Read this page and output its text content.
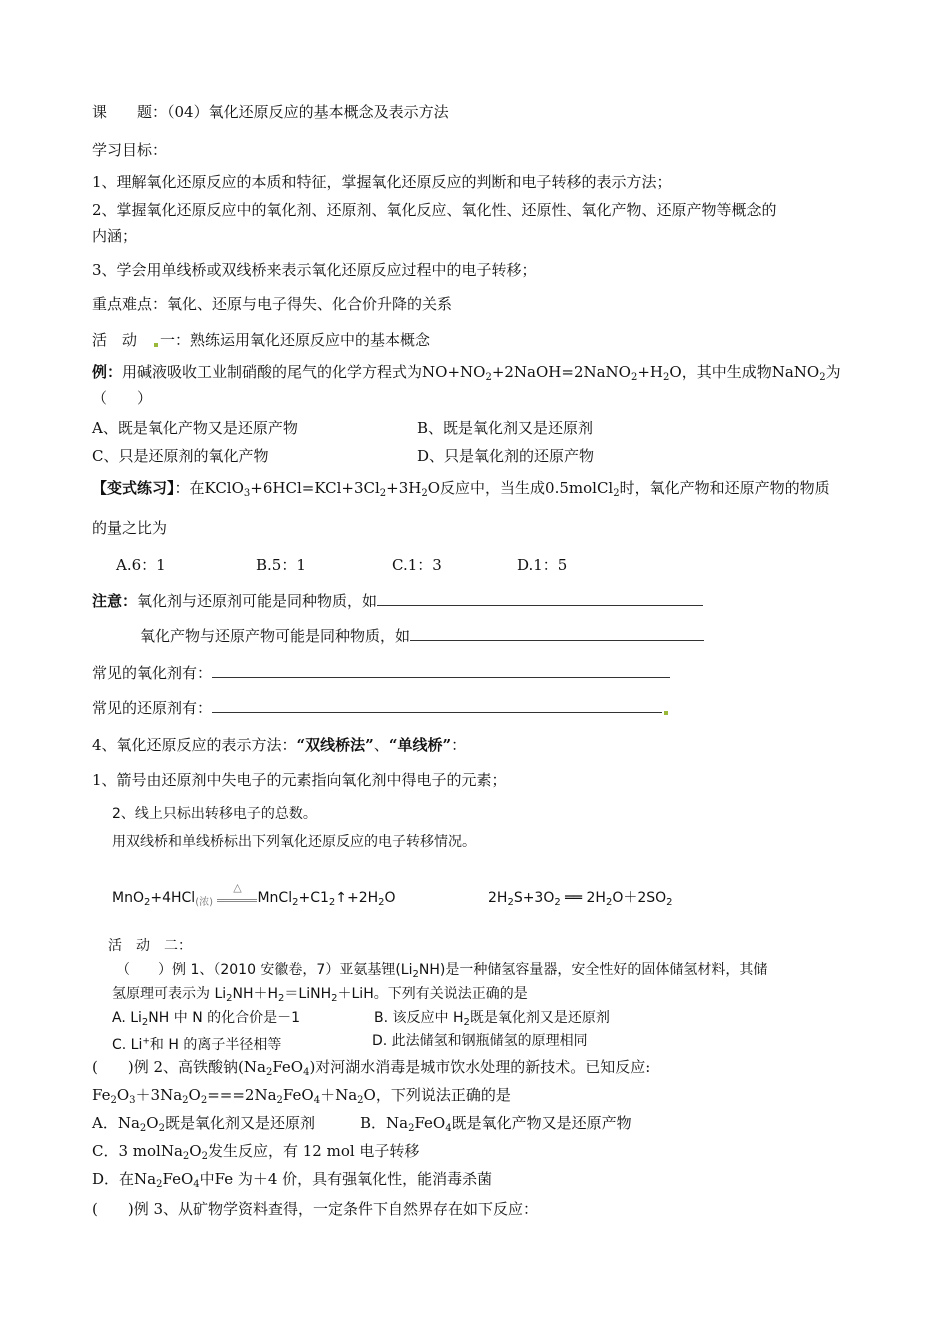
课　　题：（04）氧化还原反应的基本概念及表示方法
学习目标：
1、理解氧化还原反应的本质和特征，掌握氧化还原反应的判断和电子转移的表示方法；
2、掌握氧化还原反应中的氧化剂、还原剂、氧化反应、氧化性、还原性、氧化产物、还原产物等概念的
内涵；
3、学会用单线桥或双线桥来表示氧化还原反应过程中的电子转移；
重点难点：氧化、还原与电子得失、化合价升降的关系
活　动　一：熟练运用氧化还原反应中的基本概念
例：用碱液吸收工业制硝酸的尾气的化学方程式为$NO+NO_2+2NaOH=2NaNO_2+H_2O$，其中生成物NaNO$_2$为
（　　）
A、既是氧化产物又是还原产物	B、既是氧化剂又是还原剂
C、只是还原剂的氧化产物	D、只是氧化剂的还原产物
【变式练习】：在$KClO_3+6HCl=KCl+3Cl_2+3H_2O$反应中，当生成0.5molCl$_2$时，氧化产物和还原产物的物质
的量之比为
A.6：1	B.5：1	C.1：3	D.1：5
注意：氧化剂与还原剂可能是同种物质，如
氧化产物与还原产物可能是同种物质，如
常见的氧化剂有：
常见的还原剂有：
4、氧化还原反应的表示方法：“双线桥法”、“单线桥”：
1、箭号由还原剂中失电子的元素指向氧化剂中得电子的元素；
2、线上只标出转移电子的总数。
用双线桥和单线桥标出下列氧化还原反应的电子转移情况。
MnO$_2$+4HCl$_{(浓)}$
△
$MnCl_2+C1_2↑+2H_2O$	$2H_2S+3O_2$ ══ $2H_2O+2SO_2$
活　动　二：
（　　）例 1、（2010 安徽卷，7）亚氨基锂$(Li_2NH)$是一种储氢容量器，安全性好的固体储氢材料，其储
氢原理可表示为 $Li_2NH+H_2=LiNH_2+LiH$。下列有关说法正确的是
A. $Li_2NH$ 中 N 的化合价是－1	B. 该反应中 $H_2$既是氧化剂又是还原剂
C. Li+和 H 的离子半径相等	D. 此法储氢和钢瓶储氢的原理相同
(　　)例 2、高铁酸钠$(Na_2FeO_4)$对河湖水消毒是城市饮水处理的新技术。已知反应:
$Fe_2O_3+3Na_2O_2===2Na_2FeO_4+Na_2O$，下列说法正确的是
A．$Na_2O_2$既是氧化剂又是还原剂	B．$Na_2FeO_4$既是氧化产物又是还原产物
C．3 $molNa_2O_2$发生反应，有 12 mol 电子转移
D．在$Na_2FeO_4$中Fe 为＋4 价，具有强氧化性，能消毒杀菌
(　　)例 3、从矿物学资料查得，一定条件下自然界存在如下反应：
